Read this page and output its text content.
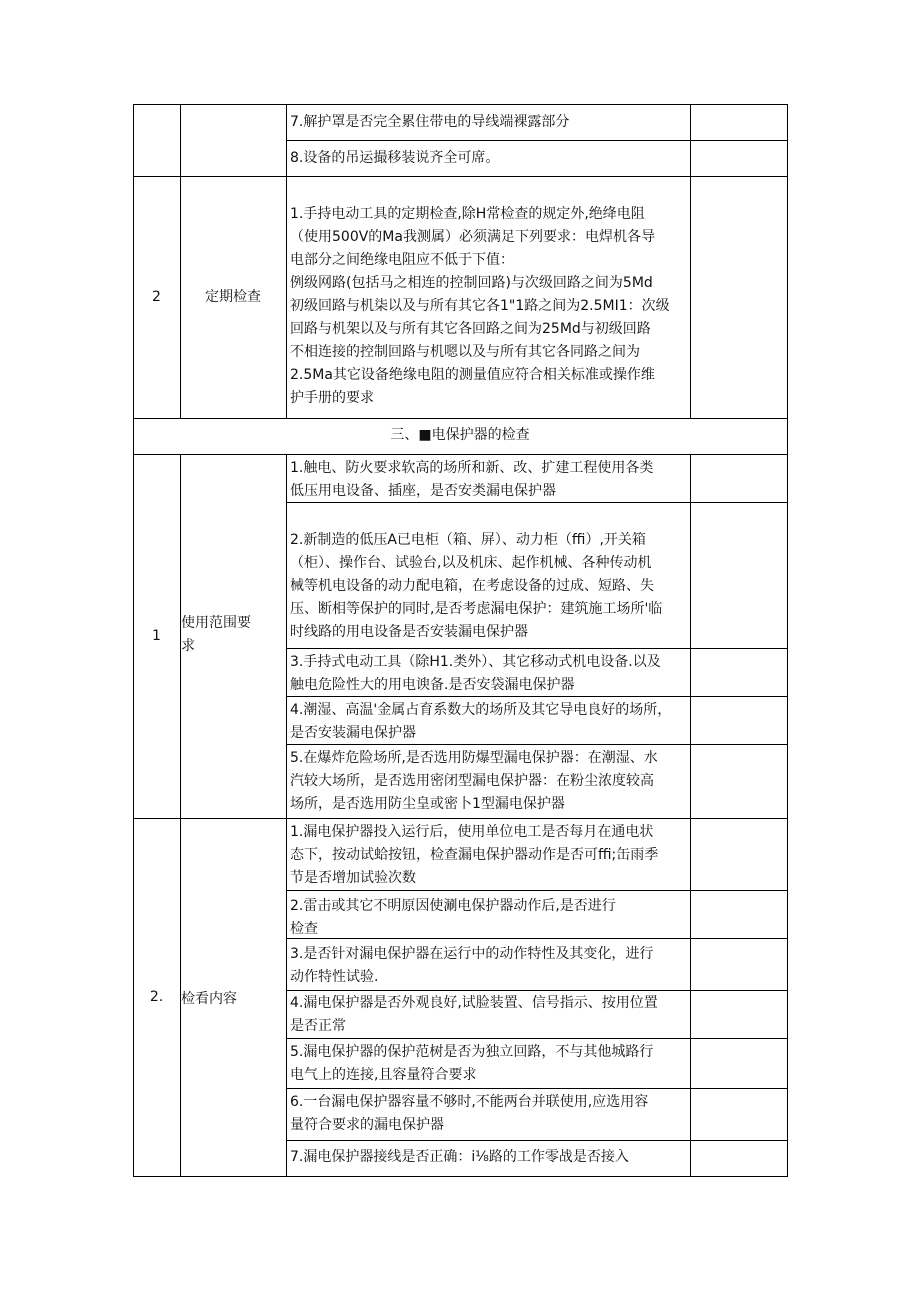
7.解护罩是否完全累住带电的导线端裸露部分
8.设备的吊运撮移装说齐全可席。
2	定期检查
1.手持电动工具的定期检查,除H常检查的规定外,绝绛电阻
（使用500V的Ma我测属）必须满足下列要求：电焊机各导
电部分之间绝缘电阻应不低于下值：
例级网路(包括马之相连的控制回路)与次级回路之间为5Md
初级回路与机柒以及与所有其它各1"1路之间为2.5MI1：次级
回路与机架以及与所有其它各回路之间为25Md与初级回路
不相连接的控制回路与机嗯以及与所有其它各同路之间为
2.5Ma其它设备绝缘电阻的测量值应符合相关标准或操作维
护手册的要求
三、■电保护器的检查
1
使用范围要
求
1.触电、防火要求软高的场所和新、改、扩建工程使用各类
低压用电设备、插座，是否安类漏电保护器
2.新制造的低压A已电柜（箱、屏）、动力柜（ffi）,开关箱
（柜）、操作台、试验台,以及机床、起作机械、各种传动机
械等机电设备的动力配电箱，在考虑设备的过成、短路、失
压、断相等保护的同时,是否考虑漏电保护：建筑施工场所'临
时线路的用电设备是否安装漏电保护器
3.手持式电动工具（除H1.类外）、其它移动式机电设备.以及
触电危险性大的用电谀备.是否安袋漏电保护器
4.潮湿、高温'金属占育系数大的场所及其它导电良好的场所，
是否安装漏电保护器
5.在爆炸危险场所,是否选用防爆型漏电保护器：在潮湿、水
汽较大场所，是否选用密闭型漏电保护器：在粉尘浓度较高
场所，是否选用防尘皇或密卜1型漏电保护器
2.	检看内容
1.漏电保护器投入运行后，使用单位电工是否每月在通电状
态下，按动试蛤按钮，检查漏电保护器动作是否可ffi;缶雨季
节是否增加试验次数
2.雷击或其它不明原因使涮电保护器动作后,是否进行
检查
3.是否针对漏电保护器在运行中的动作特性及其变化，进行
动作特性试验.
4.漏电保护器是否外观良好,试脸装置、信号指示、按用位置
是否正常
5.漏电保护器的保护范树是否为独立回路，不与其他城路行
电气上的连接,且容量符合要求
6.一台漏电保护器容量不够时,不能两台并联使用,应选用容
量符合要求的漏电保护器
7.漏电保护器接线是否正确：i⅛路的工作零战是否接入
